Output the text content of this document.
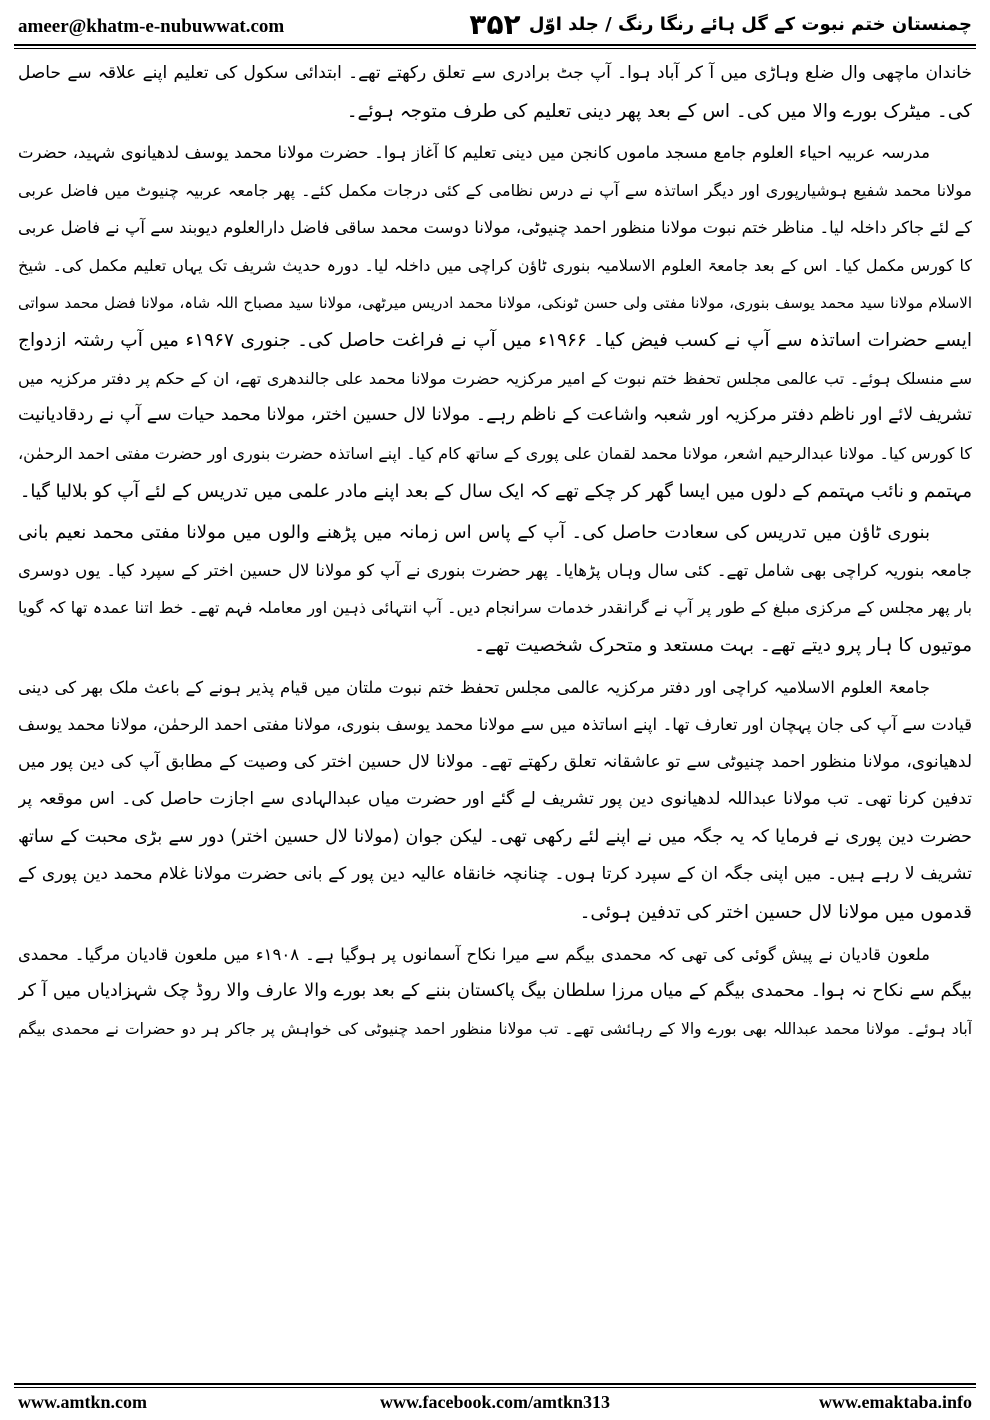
ameer@khatm-e-nubuwwat.com	۳۵۲ چمنستان ختم نبوت کے گل ہائے رنگا رنگ / جلد اوّل
خاندان ماچھی وال ضلع وہاڑی میں آ کر آباد ہوا۔ آپ جٹ برادری سے تعلق رکھتے تھے۔ ابتدائی سکول کی تعلیم اپنے علاقہ سے حاصل
کی۔ میٹرک بورے والا میں کی۔ اس کے بعد پھر دینی تعلیم کی طرف متوجہ ہوئے۔
مدرسہ عربیہ احیاء العلوم جامع مسجد ماموں کانجن میں دینی تعلیم کا آغاز ہوا۔ حضرت مولانا محمد یوسف لدھیانوی شہید، حضرت
مولانا محمد شفیع ہوشیارپوری اور دیگر اساتذہ سے آپ نے درس نظامی کے کئی درجات مکمل کئے۔ پھر جامعہ عربیہ چنیوٹ میں فاضل عربی
کے لئے جاکر داخلہ لیا۔ مناظر ختم نبوت مولانا منظور احمد چنیوٹی، مولانا دوست محمد ساقی فاضل دارالعلوم دیوبند سے آپ نے فاضل عربی
کا کورس مکمل کیا۔ اس کے بعد جامعۃ العلوم الاسلامیہ بنوری ٹاؤن کراچی میں داخلہ لیا۔ دورہ حدیث شریف تک یہاں تعلیم مکمل کی۔ شیخ
الاسلام مولانا سید محمد یوسف بنوری، مولانا مفتی ولی حسن ٹونکی، مولانا محمد ادریس میرٹھی، مولانا سید مصباح اللہ شاہ، مولانا فضل محمد سواتی
ایسے حضرات اساتذہ سے آپ نے کسب فیض کیا۔ ۱۹۶۶ء میں آپ نے فراغت حاصل کی۔ جنوری ۱۹۶۷ء میں آپ رشتہ ازدواج
سے منسلک ہوئے۔ تب عالمی مجلس تحفظ ختم نبوت کے امیر مرکزیہ حضرت مولانا محمد علی جالندھری تھے، ان کے حکم پر دفتر مرکزیہ میں
تشریف لائے اور ناظم دفتر مرکزیہ اور شعبہ واشاعت کے ناظم رہے۔ مولانا لال حسین اختر، مولانا محمد حیات سے آپ نے ردقادیانیت
کا کورس کیا۔ مولانا عبدالرحیم اشعر، مولانا محمد لقمان علی پوری کے ساتھ کام کیا۔ اپنے اساتذہ حضرت بنوری اور حضرت مفتی احمد الرحمٰن،
مہتمم و نائب مہتمم کے دلوں میں ایسا گھر کر چکے تھے کہ ایک سال کے بعد اپنے مادر علمی میں تدریس کے لئے آپ کو بلالیا گیا۔
بنوری ٹاؤن میں تدریس کی سعادت حاصل کی۔ آپ کے پاس اس زمانہ میں پڑھنے والوں میں مولانا مفتی محمد نعیم بانی
جامعہ بنوریہ کراچی بھی شامل تھے۔ کئی سال وہاں پڑھایا۔ پھر حضرت بنوری نے آپ کو مولانا لال حسین اختر کے سپرد کیا۔ یوں دوسری
بار پھر مجلس کے مرکزی مبلغ کے طور پر آپ نے گرانقدر خدمات سرانجام دیں۔ آپ انتہائی ذہین اور معاملہ فہم تھے۔ خط اتنا عمدہ تھا کہ گویا
موتیوں کا ہار پرو دیتے تھے۔ بہت مستعد و متحرک شخصیت تھے۔
جامعۃ العلوم الاسلامیہ کراچی اور دفتر مرکزیہ عالمی مجلس تحفظ ختم نبوت ملتان میں قیام پذیر ہونے کے باعث ملک بھر کی دینی
قیادت سے آپ کی جان پہچان اور تعارف تھا۔ اپنے اساتذہ میں سے مولانا محمد یوسف بنوری، مولانا مفتی احمد الرحمٰن، مولانا محمد یوسف
لدھیانوی، مولانا منظور احمد چنیوٹی سے تو عاشقانہ تعلق رکھتے تھے۔ مولانا لال حسین اختر کی وصیت کے مطابق آپ کی دین پور میں
تدفین کرنا تھی۔ تب مولانا عبداللہ لدھیانوی دین پور تشریف لے گئے اور حضرت میاں عبدالہادی سے اجازت حاصل کی۔ اس موقعہ پر
حضرت دین پوری نے فرمایا کہ یہ جگہ میں نے اپنے لئے رکھی تھی۔ لیکن جوان (مولانا لال حسین اختر) دور سے بڑی محبت کے ساتھ
تشریف لا رہے ہیں۔ میں اپنی جگہ ان کے سپرد کرتا ہوں۔ چنانچہ خانقاہ عالیہ دین پور کے بانی حضرت مولانا غلام محمد دین پوری کے
قدموں میں مولانا لال حسین اختر کی تدفین ہوئی۔
ملعون قادیان نے پیش گوئی کی تھی کہ محمدی بیگم سے میرا نکاح آسمانوں پر ہوگیا ہے۔ ۱۹۰۸ء میں ملعون قادیان مرگیا۔ محمدی
بیگم سے نکاح نہ ہوا۔ محمدی بیگم کے میاں مرزا سلطان بیگ پاکستان بننے کے بعد بورے والا عارف والا روڈ چک شہزادیاں میں آ کر
آباد ہوئے۔ مولانا محمد عبداللہ بھی بورے والا کے رہائشی تھے۔ تب مولانا منظور احمد چنیوٹی کی خواہش پر جاکر ہر دو حضرات نے محمدی بیگم
www.amtkn.com	www.facebook.com/amtkn313	www.emaktaba.info
